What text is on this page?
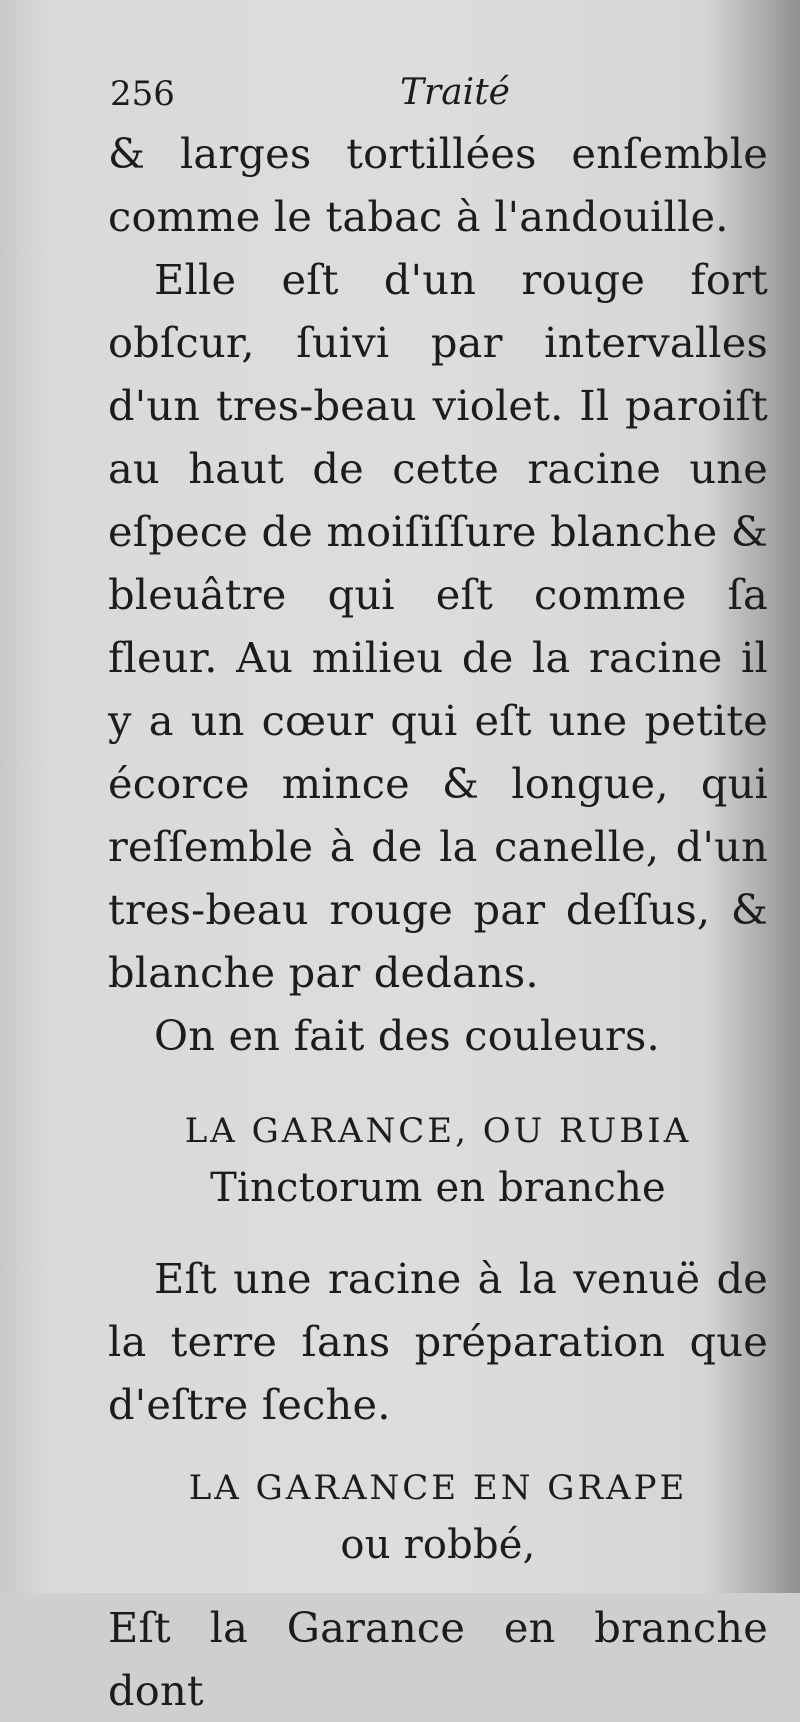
256	Traité

& larges tortillées enſemble comme le tabac à l'andouille.

Elle eſt d'un rouge fort obſcur, ſuivi par intervalles d'un tres-beau violet. Il paroiſt au haut de cette racine une eſpece de moiſiſſure blanche & bleuâtre qui eſt comme ſa fleur. Au milieu de la racine il y a un cœur qui eſt une petite écorce mince & longue, qui reſſemble à de la canelle, d'un tres-beau rouge par deſſus, & blanche par dedans.

On en fait des couleurs.

LA GARANCE, OU RUBIA

Tinctorum en branche

Eſt une racine à la venuë de la terre ſans préparation que d'eſtre ſeche.

LA GARANCE EN GRAPE

ou robbé,

Eſt la Garance en branche dont
